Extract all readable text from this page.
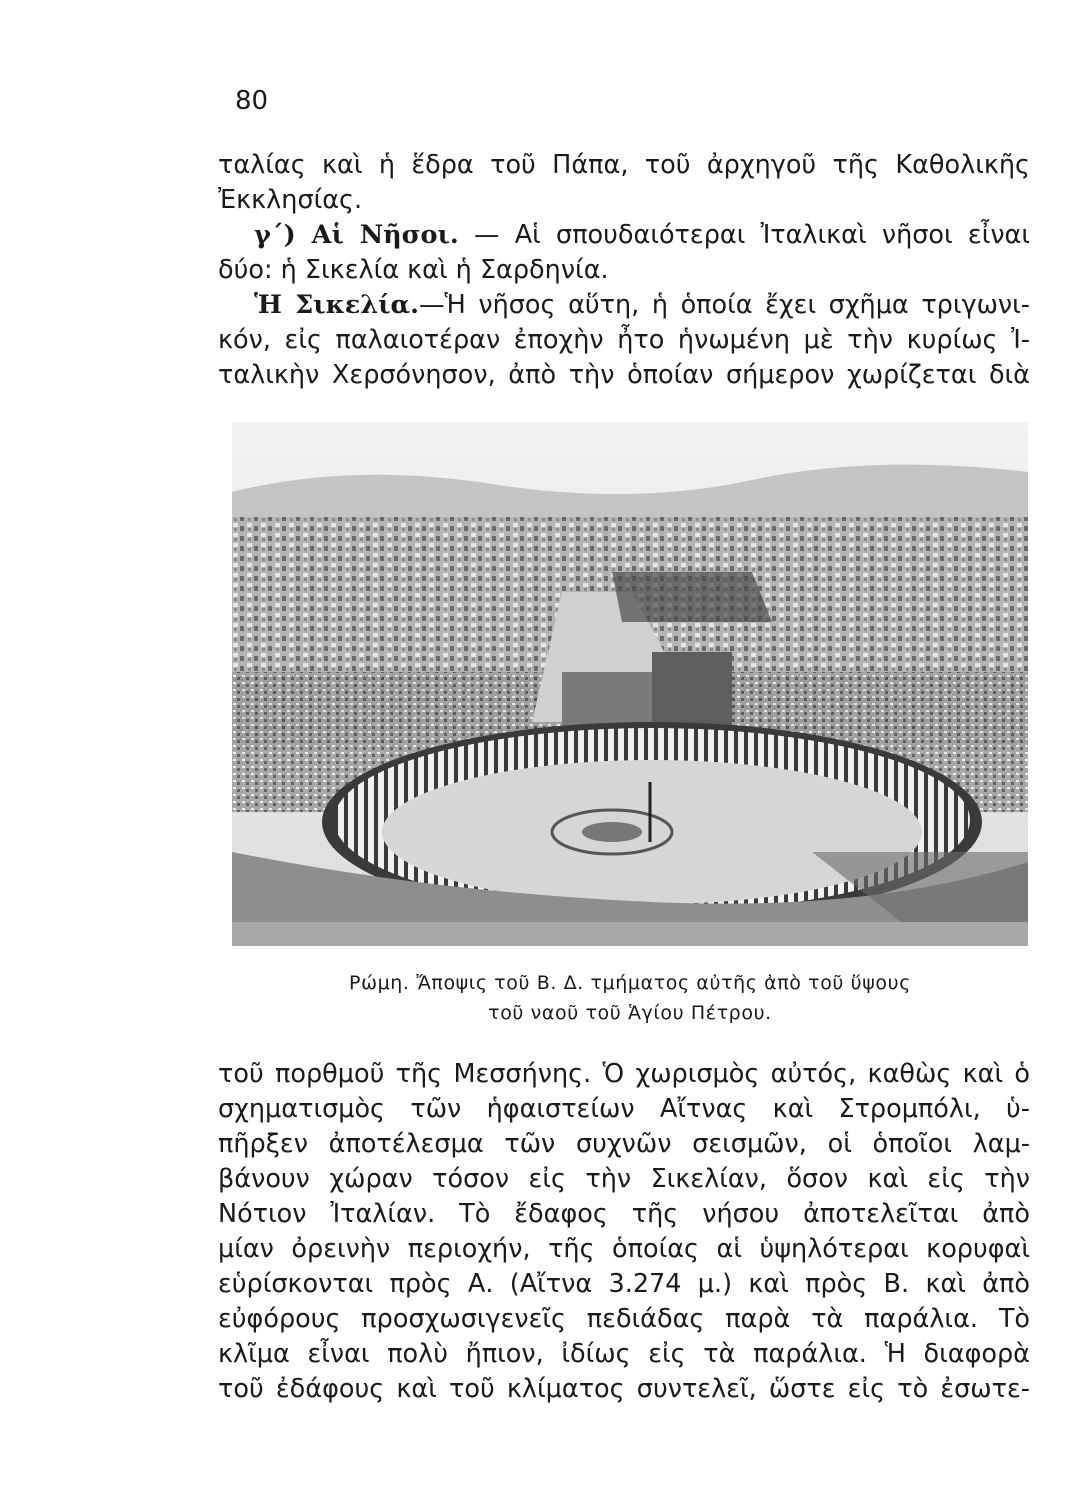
80
ταλίας καὶ ἡ ἕδρα τοῦ Πάπα, τοῦ ἀρχηγοῦ τῆς Καθολικῆς
Ἐκκλησίας.
γ΄) Αἱ Νῆσοι. — Αἱ σπουδαιότεραι Ἰταλικαὶ νῆσοι εἶναι
δύο: ἡ Σικελία καὶ ἡ Σαρδηνία.
Ἡ Σικελία.—Ἡ νῆσος αὕτη, ἡ ὁποία ἔχει σχῆμα τριγωνι-
κόν, εἰς παλαιοτέραν ἐποχὴν ἦτο ἡνωμένη μὲ τὴν κυρίως Ἰ-
ταλικὴν Χερσόνησον, ἀπὸ τὴν ὁποίαν σήμερον χωρίζεται διὰ
Ρώμη. Ἄποψις τοῦ Β. Δ. τμήματος αὐτῆς ἀπὸ τοῦ ὕψους
τοῦ ναοῦ τοῦ Ἁγίου Πέτρου.
τοῦ πορθμοῦ τῆς Μεσσήνης. Ὁ χωρισμὸς αὐτός, καθὼς καὶ ὁ
σχηματισμὸς τῶν ἡφαιστείων Αἴτνας καὶ Στρομπόλι, ὑ-
πῆρξεν ἀποτέλεσμα τῶν συχνῶν σεισμῶν, οἱ ὁποῖοι λαμ-
βάνουν χώραν τόσον εἰς τὴν Σικελίαν, ὅσον καὶ εἰς τὴν
Νότιον Ἰταλίαν. Τὸ ἔδαφος τῆς νήσου ἀποτελεῖται ἀπὸ
μίαν ὀρεινὴν περιοχήν, τῆς ὁποίας αἱ ὑψηλότεραι κορυφαὶ
εὑρίσκονται πρὸς Α. (Αἴτνα 3.274 μ.) καὶ πρὸς Β. καὶ ἀπὸ
εὐφόρους προσχωσιγενεῖς πεδιάδας παρὰ τὰ παράλια. Τὸ
κλῖμα εἶναι πολὺ ἤπιον, ἰδίως εἰς τὰ παράλια. Ἡ διαφορὰ
τοῦ ἐδάφους καὶ τοῦ κλίματος συντελεῖ, ὥστε εἰς τὸ ἐσωτε-
